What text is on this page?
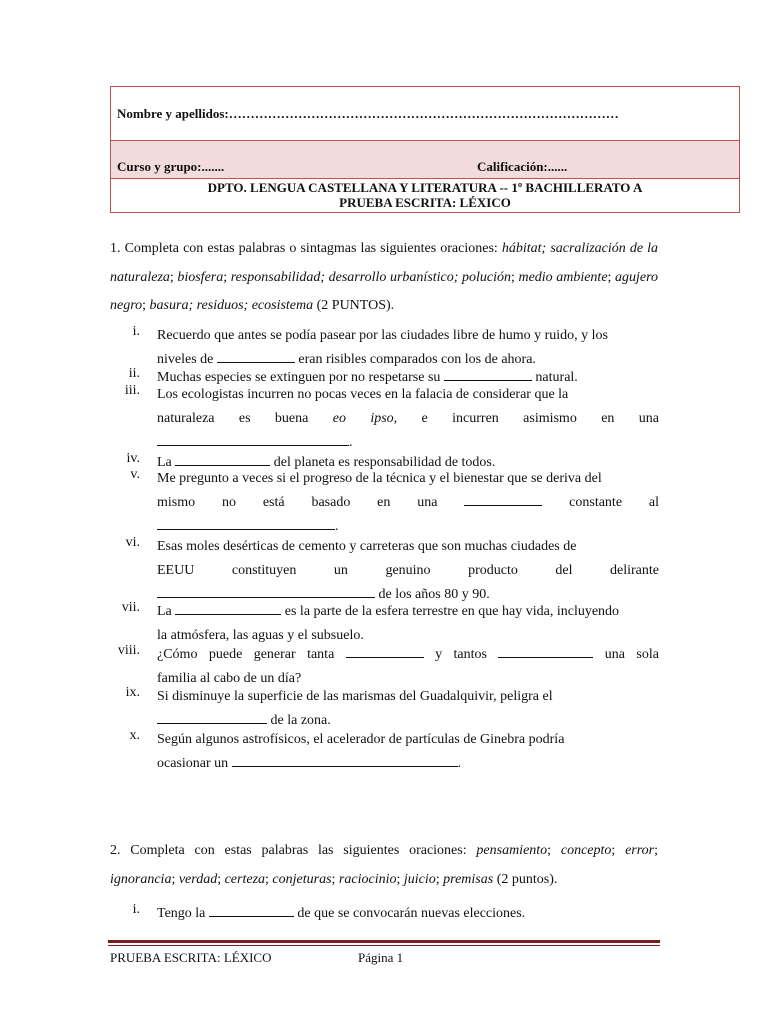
Nombre y apellidos:………………………………………………………………………………
Curso y grupo:.......	Calificación:......
DPTO. LENGUA CASTELLANA Y LITERATURA -- 1º BACHILLERATO A
PRUEBA ESCRITA: LÉXICO
1. Completa con estas palabras o sintagmas las siguientes oraciones: hábitat; sacralización de la naturaleza; biosfera; responsabilidad; desarrollo urbanístico; polución; medio ambiente; agujero negro; basura; residuos; ecosistema (2 PUNTOS).
i. Recuerdo que antes se podía pasear por las ciudades libre de humo y ruido, y los
niveles de	eran risibles comparados con los de ahora.
ii. Muchas especies se extinguen por no respetarse su	natural.
iii. Los ecologistas incurren no pocas veces en la falacia de considerar que la
naturaleza es buena eo ipso, e incurren asimismo en una
.
iv. La	del planeta es responsabilidad de todos.
v. Me pregunto a veces si el progreso de la técnica y el bienestar que se deriva del
mismo no está basado en una	constante al
.
vi. Esas moles desérticas de cemento y carreteras que son muchas ciudades de
EEUU constituyen un genuino producto del delirante
de los años 80 y 90.
vii. La	es la parte de la esfera terrestre en que hay vida, incluyendo
la atmósfera, las aguas y el subsuelo.
viii. ¿Cómo puede generar tanta	y tantos	una sola
familia al cabo de un día?
ix. Si disminuye la superficie de las marismas del Guadalquivir, peligra el
de la zona.
x. Según algunos astrofísicos, el acelerador de partículas de Ginebra podría
ocasionar un	.
2. Completa con estas palabras las siguientes oraciones: pensamiento; concepto; error; ignorancia; verdad; certeza; conjeturas; raciocinio; juicio; premisas (2 puntos).
i. Tengo la	de que se convocarán nuevas elecciones.
PRUEBA ESCRITA: LÉXICO	Página 1
